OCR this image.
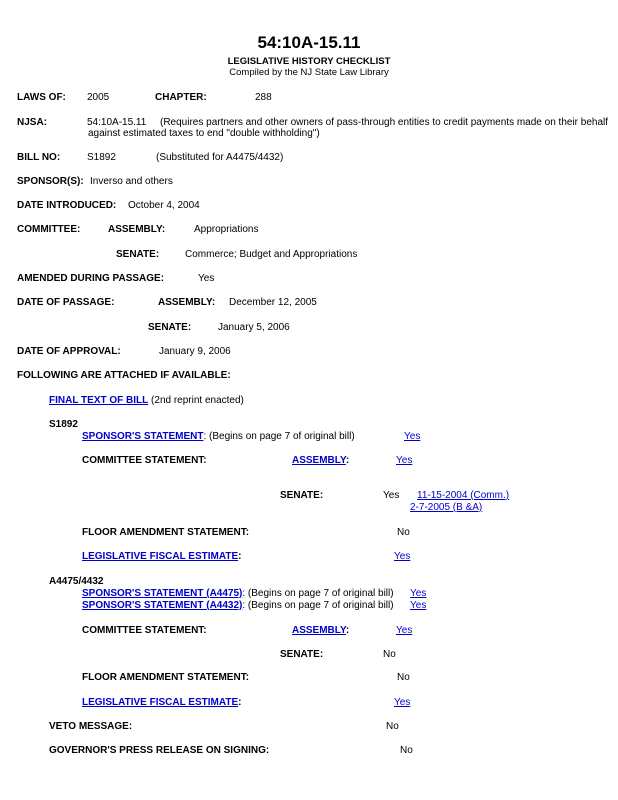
54:10A-15.11
LEGISLATIVE HISTORY CHECKLIST
Compiled by the NJ State Law Library
LAWS OF: 2005	CHAPTER:	288
NJSA:	54:10A-15.11 (Requires partners and other owners of pass-through entities to credit payments made on their behalf
against estimated taxes to end "double withholding")
BILL NO:	S1892	(Substituted for A4475/4432)
SPONSOR(S): Inverso and others
DATE INTRODUCED: October 4, 2004
COMMITTEE:	ASSEMBLY:	Appropriations
SENATE:	Commerce; Budget and Appropriations
AMENDED DURING PASSAGE:	Yes
DATE OF PASSAGE:	ASSEMBLY: December 12, 2005
SENATE:	January 5, 2006
DATE OF APPROVAL:	January 9, 2006
FOLLOWING ARE ATTACHED IF AVAILABLE:
FINAL TEXT OF BILL (2nd reprint enacted)
S1892
SPONSOR'S STATEMENT: (Begins on page 7 of original bill)	Yes
COMMITTEE STATEMENT:	ASSEMBLY:	Yes
SENATE:	Yes 11-15-2004 (Comm.)
2-7-2005 (B &A)
FLOOR AMENDMENT STATEMENT:	No
LEGISLATIVE FISCAL ESTIMATE:	Yes
A4475/4432
SPONSOR'S STATEMENT (A4475): (Begins on page 7 of original bill) Yes
SPONSOR'S STATEMENT (A4432): (Begins on page 7 of original bill) Yes
COMMITTEE STATEMENT:	ASSEMBLY:	Yes
SENATE:	No
FLOOR AMENDMENT STATEMENT:	No
LEGISLATIVE FISCAL ESTIMATE:	Yes
VETO MESSAGE:	No
GOVERNOR'S PRESS RELEASE ON SIGNING:	No
